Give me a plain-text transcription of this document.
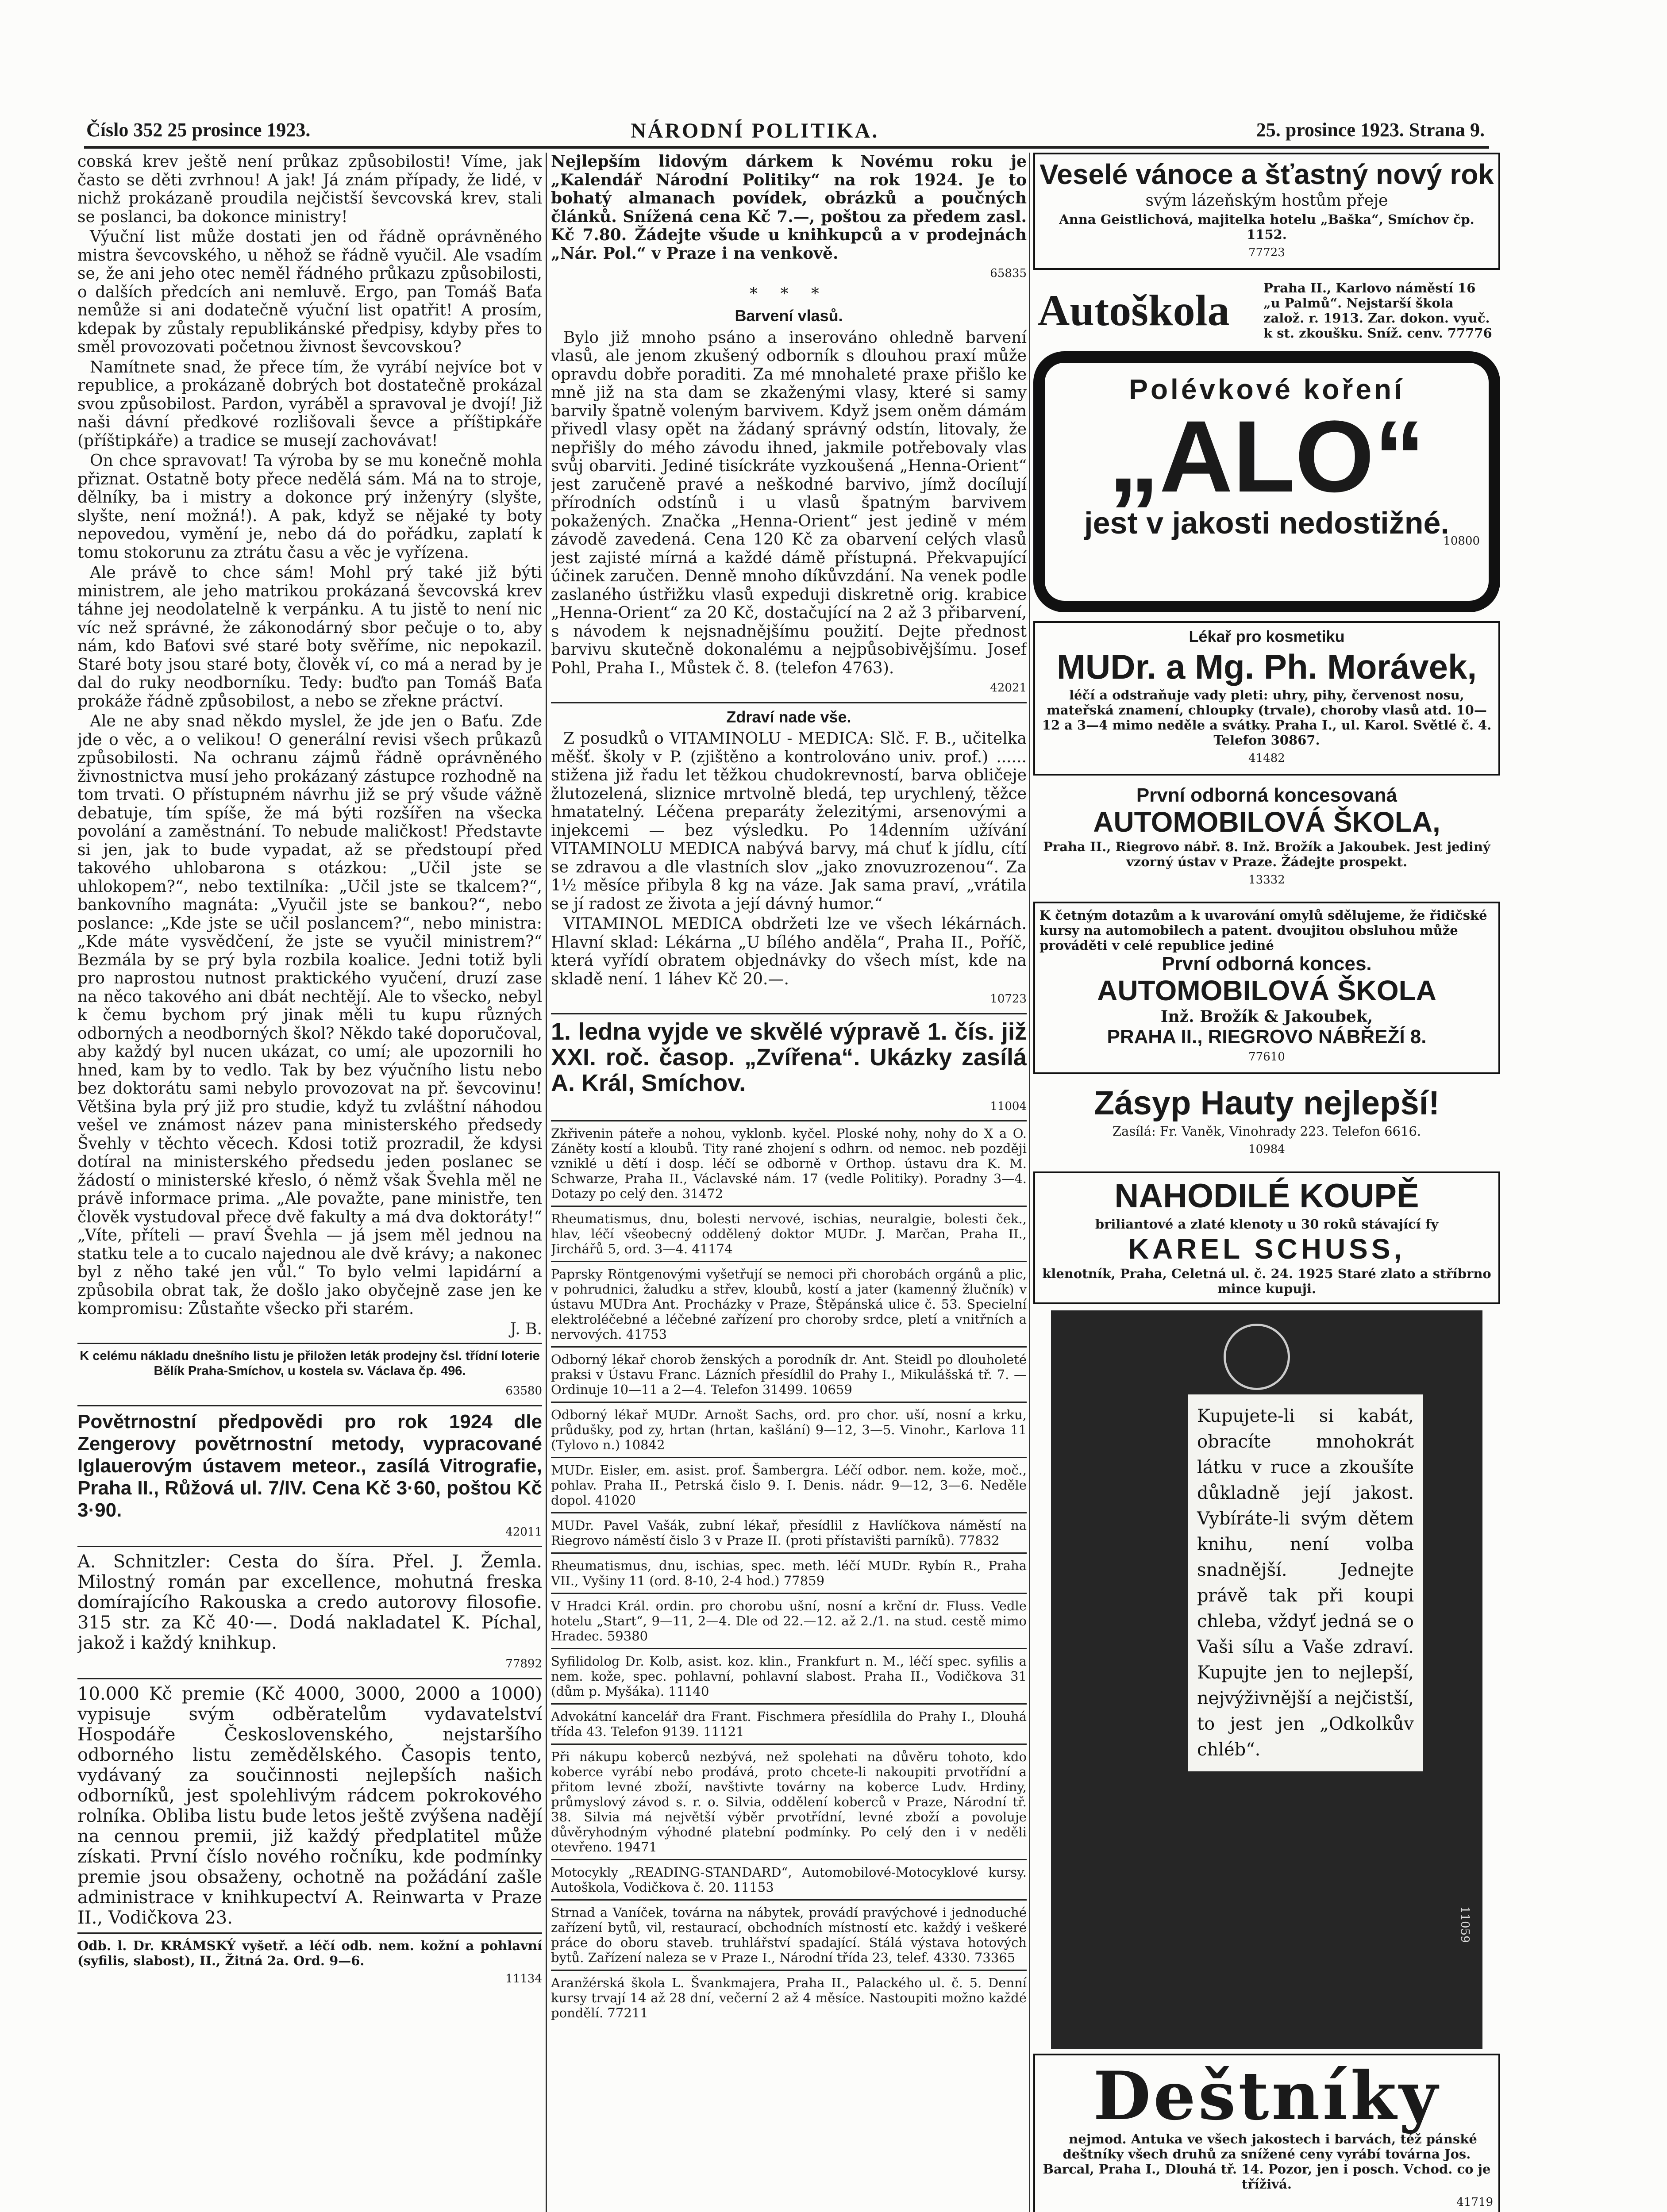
Číslo 352 25 prosince 1923.	NÁRODNÍ POLITIKA.	25. prosince 1923. Strana 9.

cовská krev ještě není průkaz způsobilosti! Víme, jak často se děti zvrhnou! A jak! Já znám případy, že lidé, v nichž prokázaně proudila nejčistší ševcovská krev, stali se poslanci, ba dokonce ministry!

Výuční list může dostati jen od řádně oprávněného mistra ševcovského, u něhož se řádně vyučil. Ale vsadím se, že ani jeho otec neměl řádného průkazu způsobilosti, o dalších předcích ani nemluvě. Ergo, pan Tomáš Baťa nemůže si ani dodatečně výuční list opatřit! A prosím, kdepak by zůstaly republikánské předpisy, kdyby přes to směl provozovati početnou živnost ševcovskou?

Namítnete snad, že přece tím, že vyrábí nejvíce bot v republice, a prokázaně dobrých bot dostatečně prokázal svou způsobilost. Pardon, vyráběl a spravoval je dvojí! Již naši dávní předkové rozlišovali ševce a příštipkáře (příštipkáře) a tradice se musejí zachovávat!

On chce spravovat! Ta výroba by se mu konečně mohla přiznat. Ostatně boty přece nedělá sám. Má na to stroje, dělníky, ba i mistry a dokonce prý inženýry (slyšte, slyšte, není možná!). A pak, když se nějaké ty boty nepovedou, vymění je, nebo dá do pořádku, zaplatí k tomu stokorunu za ztrátu času a věc je vyřízena.

Ale právě to chce sám! Mohl prý také již býti ministrem, ale jeho matrikou prokázaná ševcovská krev táhne jej neodolatelně k verpánku. A tu jistě to není nic víc než správné, že zákonodárný sbor pečuje o to, aby nám, kdo Baťovi své staré boty svěříme, nic nepokazil. Staré boty jsou staré boty, člověk ví, co má a nerad by je dal do ruky neodborníku. Tedy: buďto pan Tomáš Baťa prokáže řádně způsobilost, a nebo se zřekne práctví.

Ale ne aby snad někdo myslel, že jde jen o Baťu. Zde jde o věc, a o velikou! O generální revisi všech průkazů způsobilosti. Na ochranu zájmů řádně oprávněného živnostnictva musí jeho prokázaný zástupce rozhodně na tom trvati. O přístupném návrhu již se prý všude vážně debatuje, tím spíše, že má býti rozšířen na všecka povolání a zaměstnání. To nebude maličkost! Představte si jen, jak to bude vypadat, až se předstoupí před takového uhlobarona s otázkou: „Učil jste se uhlokopem?“, nebo textilníka: „Učil jste se tkalcem?“, bankovního magnáta: „Vyučil jste se bankou?“, nebo poslance: „Kde jste se učil poslancem?“, nebo ministra: „Kde máte vysvědčení, že jste se vyučil ministrem?“ Bezmála by se prý byla rozbila koalice. Jedni totiž byli pro naprostou nutnost praktického vyučení, druzí zase na něco takového ani dbát nechtějí. Ale to všecko, nebyl k čemu bychom prý jinak měli tu kupu různých odborných a neodborných škol? Někdo také doporučoval, aby každý byl nucen ukázat, co umí; ale upozornili ho hned, kam by to vedlo. Tak by bez výučního listu nebo bez doktorátu sami nebylo provozovat na př. ševcovinu! Většina byla prý již pro studie, když tu zvláštní náhodou vešel ve známost název pana ministerského předsedy Švehly v těchto věcech. Kdosi totiž prozradil, že kdysi dotíral na ministerského předsedu jeden poslanec se žádostí o ministerské křeslo, ó němž však Švehla měl ne právě informace prima. „Ale považte, pane ministře, ten člověk vystudoval přece dvě fakulty a má dva doktoráty!“ „Víte, příteli — praví Švehla — já jsem měl jednou na statku tele a to cucalo najednou ale dvě krávy; a nakonec byl z něho také jen vůl.“ To bylo velmi lapidární a způsobila obrat tak, že došlo jako obyčejně zase jen ke kompromisu: Zůstaňte všecko při starém.

J. B.

K celému nákladu dnešního listu je přiložen leták prodejny čsl. třídní loterie Bělík Praha-Smíchov, u kostela sv. Václava čp. 496.

63580

Povětrnostní předpovědi pro rok 1924 dle Zengerovy povětrnostní metody, vypracované Iglauerovým ústavem meteor., zasílá Vitrografie, Praha II., Růžová ul. 7/IV. Cena Kč 3·60, poštou Kč 3·90.

42011

A. Schnitzler: Cesta do šíra. Přel. J. Žemla. Milostný román par excellence, mohutná freska domírajícího Rakouska a credo autorovy filosofie. 315 str. za Kč 40·—. Dodá nakladatel K. Píchal, jakož i každý knihkup.

77892

10.000 Kč premie (Kč 4000, 3000, 2000 a 1000) vypisuje svým odběratelům vydavatelství Hospodáře Československého, nejstaršího odborného listu zemědělského. Časopis tento, vydávaný za součinnosti nejlepších našich odborníků, jest spolehlivým rádcem pokrokového rolníka. Obliba listu bude letos ještě zvýšena nadějí na cennou premii, již každý předplatitel může získati. První číslo nového ročníku, kde podmínky premie jsou obsaženy, ochotně na požádání zašle administrace v knihkupectví A. Reinwarta v Praze II., Vodičkova 23.

Odb. l. Dr. KRÁMSKÝ vyšetř. a léčí odb. nem. kožní a pohlavní (syfilis, slabost), II., Žitná 2a. Ord. 9—6.

11134

Nejlepším lidovým dárkem k Novému roku je „Kalendář Národní Politiky“ na rok 1924. Je to bohatý almanach povídek, obrázků a poučných článků. Snížená cena Kč 7.—, poštou za předem zasl. Kč 7.80. Žádejte všude u knihkupců a v prodejnách „Nár. Pol.“ v Praze i na venkově.

65835

* * *

Barvení vlasů.

Bylo již mnoho psáno a inserováno ohledně barvení vlasů, ale jenom zkušený odborník s dlouhou praxí může opravdu dobře poraditi. Za mé mnohaleté praxe přišlo ke mně již na sta dam se zkaženými vlasy, které si samy barvily špatně voleným barvivem. Když jsem oněm dámám přivedl vlasy opět na žádaný správný odstín, litovaly, že nepřišly do mého závodu ihned, jakmile potřebovaly vlas svůj obarviti. Jediné tisíckráte vyzkoušená „Henna-Orient“ jest zaručeně pravé a neškodné barvivo, jímž docílují přírodních odstínů i u vlasů špatným barvivem pokažených. Značka „Henna-Orient“ jest jedině v mém závodě zavedená. Cena 120 Kč za obarvení celých vlasů jest zajisté mírná a každé dámě přístupná. Překvapující účinek zaručen. Denně mnoho díkůvzdání. Na venek podle zaslaného ústřižku vlasů expeduji diskretně orig. krabice „Henna-Orient“ za 20 Kč, dostačující na 2 až 3 přibarvení, s návodem k nejsnadnějšímu použití. Dejte přednost barvivu skutečně dokonalému a nejpůsobivějšímu. Josef Pohl, Praha I., Můstek č. 8. (telefon 4763).

42021

Zdraví nade vše.

Z posudků o VITAMINOLU - MEDICA: Slč. F. B., učitelka měšť. školy v P. (zjištěno a kontrolováno univ. prof.) ...... stižena již řadu let těžkou chudokrevností, barva obličeje žlutozelená, sliznice mrtvolně bledá, tep urychlený, těžce hmatatelný. Léčena preparáty železitými, arsenovými a injekcemi — bez výsledku. Po 14denním užívání VITAMINOLU MEDICA nabývá barvy, má chuť k jídlu, cítí se zdravou a dle vlastních slov „jako znovuzrozenou“. Za 1½ měsíce přibyla 8 kg na váze. Jak sama praví, „vrátila se jí radost ze života a její dávný humor.“

VITAMINOL MEDICA obdržeti lze ve všech lékárnách. Hlavní sklad: Lékárna „U bílého anděla“, Praha II., Poříč, která vyřídí obratem objednávky do všech míst, kde na skladě není. 1 láhev Kč 20.—.

10723

1. ledna vyjde ve skvělé výpravě 1. čís. již XXI. roč. časop. „Zvířena“. Ukázky zasílá A. Král, Smíchov.

11004

Zkřivenin páteře a nohou, vyklonb. kyčel. Ploské nohy, nohy do X a O. Záněty kostí a kloubů. Tity rané zhojení s odhrn. od nemoc. neb později vzniklé u dětí i dosp. léčí se odborně v Orthop. ústavu dra K. M. Schwarze, Praha II., Václavské nám. 17 (vedle Politiky). Poradny 3—4. Dotazy po celý den. 31472

Rheumatismus, dnu, bolesti nervové, ischias, neuralgie, bolesti ček., hlav, léčí všeobecný oddělený doktor MUDr. J. Marčan, Praha II., Jirchářů 5, ord. 3—4. 41174

Paprsky Röntgenovými vyšetřují se nemoci při chorobách orgánů a plic, v pohrudnici, žaludku a střev, kloubů, kostí a jater (kamenný žlučník) v ústavu MUDra Ant. Procházky v Praze, Štěpánská ulice č. 53. Specielní elektroléčebné a léčebné zařízení pro choroby srdce, pletí a vnitřních a nervových. 41753

Odborný lékař chorob ženských a porodník dr. Ant. Steidl po dlouholeté praksi v Ústavu Franc. Lázních přesídlil do Prahy I., Mikulášská tř. 7. — Ordinuje 10—11 a 2—4. Telefon 31499. 10659

Odborný lékař MUDr. Arnošt Sachs, ord. pro chor. uší, nosní a krku, průdušky, pod zy, hrtan (hrtan, kašlání) 9—12, 3—5. Vinohr., Karlova 11 (Tylovo n.) 10842

MUDr. Eisler, em. asist. prof. Šambergra. Léčí odbor. nem. kože, moč., pohlav. Praha II., Petrská čislo 9. I. Denis. nádr. 9—12, 3—6. Neděle dopol. 41020

MUDr. Pavel Vašák, zubní lékař, přesídlil z Havlíčkova náměstí na Riegrovo náměstí čislo 3 v Praze II. (proti přístavišti parníků). 77832

Rheumatismus, dnu, ischias, spec. meth. léčí MUDr. Rybín R., Praha VII., Vyšiny 11 (ord. 8-10, 2-4 hod.) 77859

V Hradci Král. ordin. pro chorobu ušní, nosní a krční dr. Fluss. Vedle hotelu „Start“, 9—11, 2—4. Dle od 22.—12. až 2./1. na stud. cestě mimo Hradec. 59380

Syfilidolog Dr. Kolb, asist. koz. klin., Frankfurt n. M., léčí spec. syfilis a nem. kože, spec. pohlavní, pohlavní slabost. Praha II., Vodičkova 31 (dům p. Myšáka). 11140

Advokátní kancelář dra Frant. Fischmera přesídlila do Prahy I., Dlouhá třída 43. Telefon 9139. 11121

Při nákupu koberců nezbývá, než spolehati na důvěru tohoto, kdo koberce vyrábí nebo prodává, proto chcete-li nakoupiti prvotřídní a přitom levné zboží, navštivte továrny na koberce Ludv. Hrdiny, průmyslový závod s. r. o. Silvia, oddělení koberců v Praze, Národní tř. 38. Silvia má největší výběr prvotřídní, levné zboží a povoluje důvěryhodným výhodné platební podmínky. Po celý den i v neděli otevřeno. 19471

Motocykly „READING-STANDARD“, Automobilové-Motocyklové kursy. Autoškola, Vodičkova č. 20. 11153

Strnad a Vaníček, továrna na nábytek, provádí pravýchové i jednoduché zařízení bytů, vil, restaurací, obchodních místností etc. každý i veškeré práce do oboru staveb. truhlářství spadající. Stálá výstava hotových bytů. Zařízení naleza se v Praze I., Národní třída 23, telef. 4330. 73365

Aranžérská škola L. Švankmajera, Praha II., Palackého ul. č. 5. Denní kursy trvají 14 až 28 dní, večerní 2 až 4 měsíce. Nastoupiti možno každé pondělí. 77211

Veselé vánoce a šťastný nový rok

svým lázeňským hostům přeje

Anna Geistlichová, majitelka hotelu „Baška“, Smíchov čp. 1152.

77723

Autoškola	Praha II., Karlovo náměstí 16 „u Palmů“. Nejstarší škola založ. r. 1913. Zar. dokon. vyuč. k st. zkoušku. Sníž. cenv. 77776
Polévkové koření
„ALO“
jest v jakosti nedostižné.
10800

Lékař pro kosmetiku

MUDr. a Mg. Ph. Morávek,

léčí a odstraňuje vady pleti: uhry, pihy, červenost nosu, mateřská znamení, chloupky (trvale), choroby vlasů atd. 10—12 a 3—4 mimo neděle a svátky. Praha I., ul. Karol. Světlé č. 4. Telefon 30867.

41482

První odborná koncesovaná

AUTOMOBILOVÁ ŠKOLA,

Praha II., Riegrovo nábř. 8. Inž. Brožík a Jakoubek. Jest jediný vzorný ústav v Praze. Žádejte prospekt.

13332

K četným dotazům a k uvarování omylů sdělujeme, že řidičské kursy na automobilech a patent. dvoujitou obsluhou může prováděti v celé republice jediné

První odborná konces.

AUTOMOBILOVÁ ŠKOLA

Inž. Brožík & Jakoubek,

PRAHA II., RIEGROVO NÁBŘEŽÍ 8.

77610

Zásyp Hauty nejlepší!

Zasílá: Fr. Vaněk, Vinohrady 223. Telefon 6616.

10984

NAHODILÉ KOUPĚ

briliantové a zlaté klenoty u 30 roků stávající fy

KAREL SCHUSS,

klenotník, Praha, Celetná ul. č. 24. 1925 Staré zlato a stříbrno mince kupuji.

Kupujete-li si kabát, obracíte mnohokrát látku v ruce a zkoušíte důkladně její jakost. Vybíráte-li svým dětem knihu, není volba snadnější. Jednejte právě tak při koupi chleba, vždyť jedná se o Vaši sílu a Vaše zdraví. Kupujte jen to nejlepší, nejvýživnější a nejčistší, to jest jen „Odkolkův chléb“.
11059
Deštníky

nejmod. Antuka ve všech jakostech i barvách, též pánské deštníky všech druhů za snížené ceny vyrábí továrna Jos. Barcal, Praha I., Dlouhá tř. 14. Pozor, jen i posch. Vchod. co je tříživá.

41719
